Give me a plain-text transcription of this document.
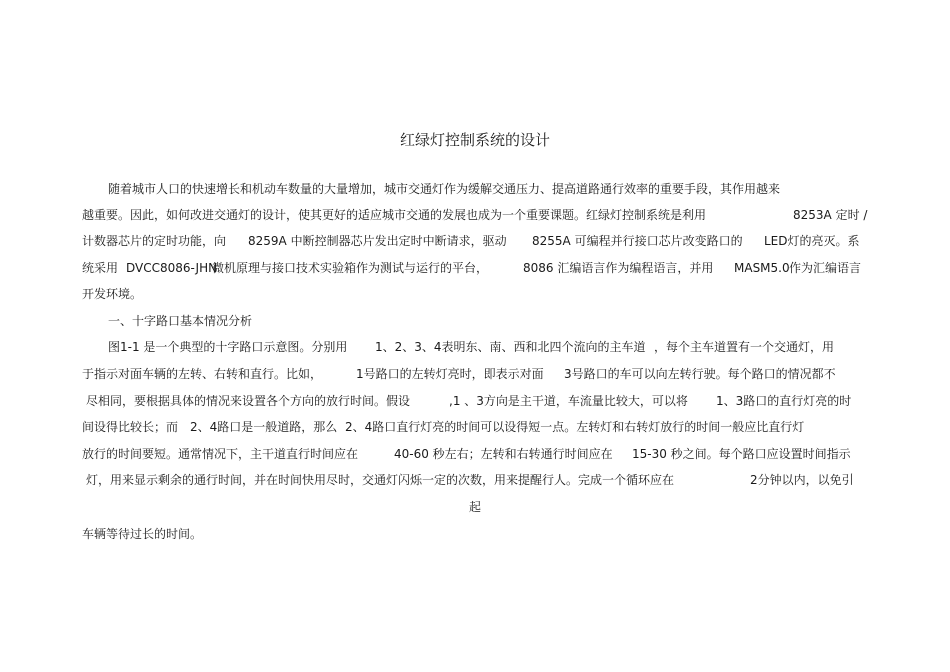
红绿灯控制系统的设计
随着城市人口的快速增长和机动车数量的大量增加，城市交通灯作为缓解交通压力、提高道路通行效率的重要手段，其作用越来
越重要。因此，如何改进交通灯的设计，使其更好的适应城市交通的发展也成为一个重要课题。红绿灯控制系统是利用	8253A 定时 /
计数器芯片的定时功能，向 8259A 中断控制器芯片发出定时中断请求，驱动 8255A 可编程并行接口芯片改变路口的 LED灯的亮灭。系
统采用 DVCC8086-JHN
微机原理与接口技术实验箱作为测试与运行的平台，	8086 汇编语言作为编程语言，并用 MASM5.0 作为汇编语言
开发环境。
一、十字路口基本情况分析
图1-1 是一个典型的十字路口示意图。分别用 1、2、3、4表明东、南、西和北四个流向的主车道 ，每个主车道置有一个交通灯，用
于指示对面车辆的左转、右转和直行。比如，	1号路口的左转灯亮时，即表示对面 3号路口的车可以向左转行驶。每个路口的情况都不
尽相同，要根据具体的情况来设置各个方向的放行时间。假设	,1 、3方向是主干道，车流量比较大，可以将 1、3路口的直行灯亮的时
间设得比较长；而 2、4路口是一般道路，那么 2、4路口直行灯亮的时间可以设得短一点。左转灯和右转灯放行的时间一般应比直行灯
放行的时间要短。通常情况下，主干道直行时间应在	40-60 秒左右；左转和右转通行时间应在 15-30 秒之间。每个路口应设置时间指示
灯，用来显示剩余的通行时间，并在时间快用尽时，交通灯闪烁一定的次数，用来提醒行人。完成一个循环应在	2分钟以内，以免引
起
车辆等待过长的时间。
